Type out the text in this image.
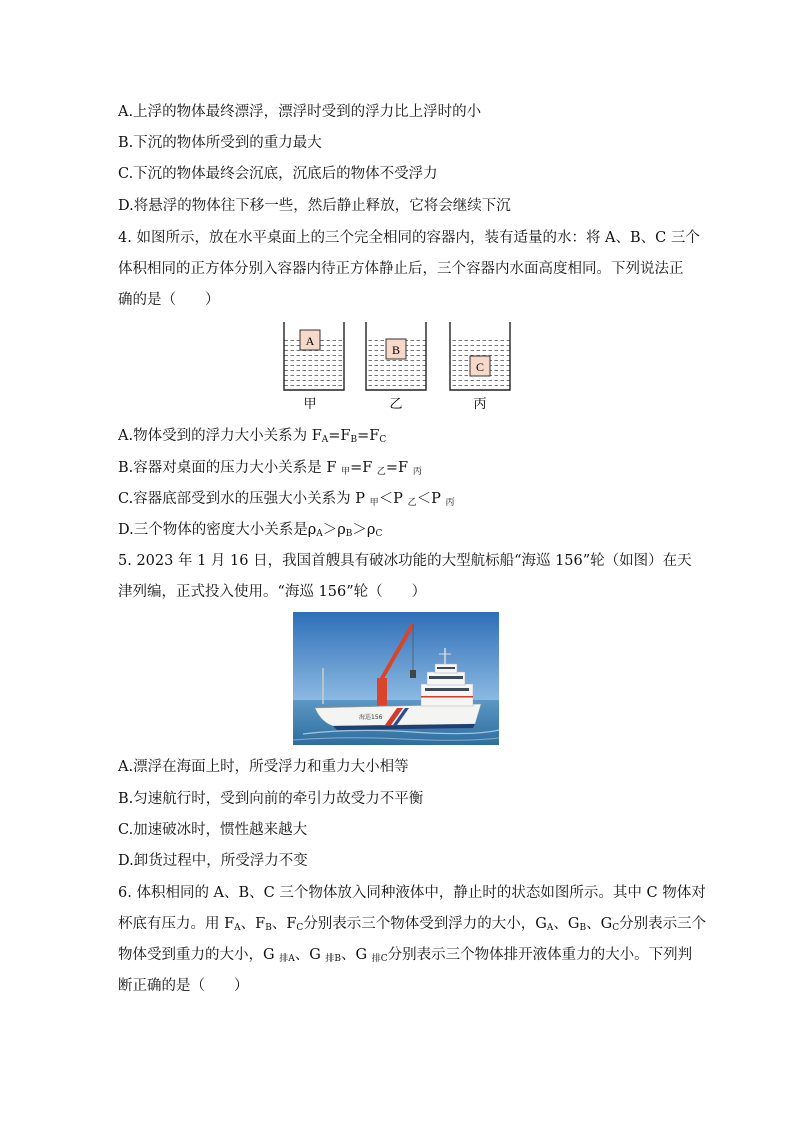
A.上浮的物体最终漂浮，漂浮时受到的浮力比上浮时的小
B.下沉的物体所受到的重力最大
C.下沉的物体最终会沉底，沉底后的物体不受浮力
D.将悬浮的物体往下移一些，然后静止释放，它将会继续下沉
4. 如图所示，放在水平桌面上的三个完全相同的容器内，装有适量的水：将 A、B、C 三个
体积相同的正方体分别入容器内待正方体静止后，三个容器内水面高度相同。下列说法正
确的是（　　）
A
甲
B
乙
C
丙
A.物体受到的浮力大小关系为 $F_A=F_B=F_C$
B.容器对桌面的压力大小关系是 F $_甲$=F $_乙$=F $_丙$
C.容器底部受到水的压强大小关系为 P $_甲$＜P $_乙$＜P $_丙$
D.三个物体的密度大小关系是$\rho_A>\rho_B>\rho_C$
5. 2023 年 1 月 16 日，我国首艘具有破冰功能的大型航标船“海巡 156”轮（如图）在天
津列编，正式投入使用。“海巡 156”轮（　　）
海巡156
A.漂浮在海面上时，所受浮力和重力大小相等
B.匀速航行时，受到向前的牵引力故受力不平衡
C.加速破冰时，惯性越来越大
D.卸货过程中，所受浮力不变
6. 体积相同的 A、B、C 三个物体放入同种液体中，静止时的状态如图所示。其中 C 物体对
杯底有压力。用 $F_A$、$F_B$、$F_C$分别表示三个物体受到浮力的大小，$G_A$、$G_B$、$G_C$分别表示三个
物体受到重力的大小，G $_{排A}$、G $_{排B}$、G $_{排C}$分别表示三个物体排开液体重力的大小。下列判
断正确的是（　　）
